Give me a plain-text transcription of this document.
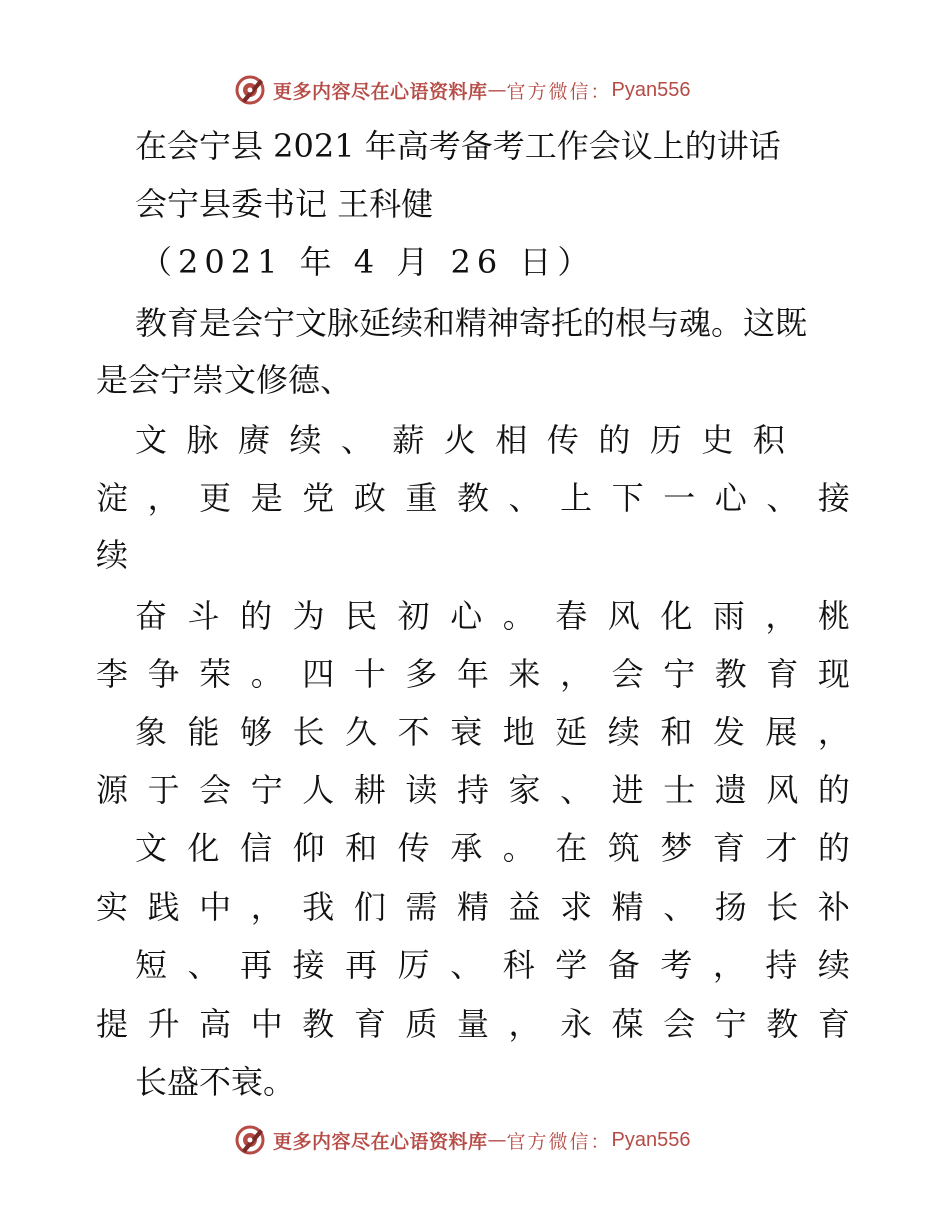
更多内容尽在心语资料库 — 官方微信： Pyan556
在会宁县 2021 年高考备考工作会议上的讲话
会宁县委书记 王科健
（2021 年 4 月 26 日）
教育是会宁文脉延续和精神寄托的根与魂。这既
是会宁崇文修德、
文 脉 赓 续 、 薪 火 相 传 的 历 史 积
淀 ， 更 是 党 政 重 教 、 上 下 一 心 、 接
续
奋 斗 的 为 民 初 心 。 春 风 化 雨 ， 桃
李 争 荣 。 四 十 多 年 来 ， 会 宁 教 育 现
象 能 够 长 久 不 衰 地 延 续 和 发 展 ，
源 于 会 宁 人 耕 读 持 家 、 进 士 遗 风 的
文 化 信 仰 和 传 承 。 在 筑 梦 育 才 的
实 践 中 ， 我 们 需 精 益 求 精 、 扬 长 补
短 、 再 接 再 厉 、 科 学 备 考 ， 持 续
提 升 高 中 教 育 质 量 ， 永 葆 会 宁 教 育
长盛不衰。
更多内容尽在心语资料库 — 官方微信： Pyan556
